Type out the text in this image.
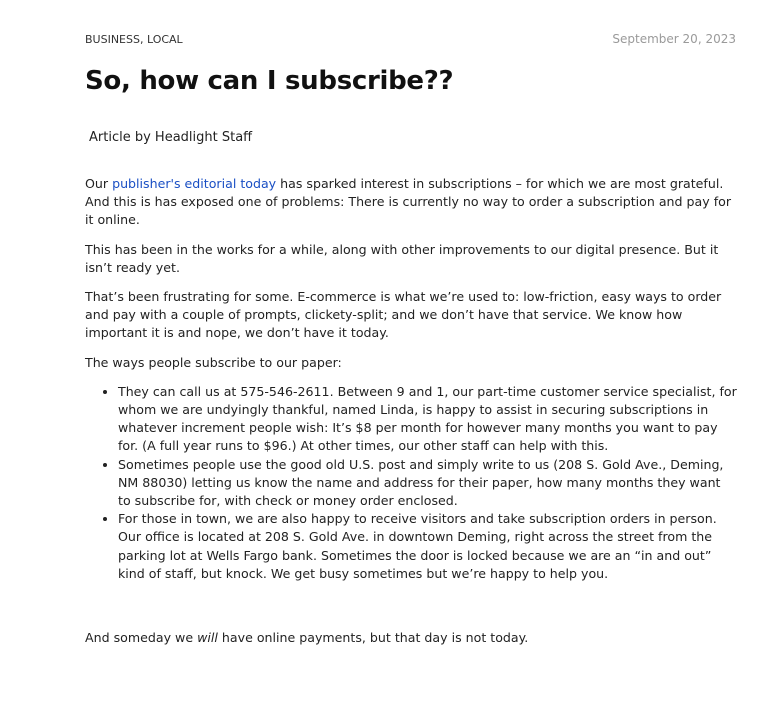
BUSINESS, LOCAL	September 20, 2023
So, how can I subscribe??
Article by Headlight Staff

Our publisher's editorial today has sparked interest in subscriptions – for which we are most grateful. And this is has exposed one of problems: There is currently no way to order a subscription and pay for it online.

This has been in the works for a while, along with other improvements to our digital presence. But it isn’t ready yet.

That’s been frustrating for some. E-commerce is what we’re used to: low-friction, easy ways to order and pay with a couple of prompts, clickety-split; and we don’t have that service. We know how important it is and nope, we don’t have it today.

The ways people subscribe to our paper:

• They can call us at 575-546-2611. Between 9 and 1, our part-time customer service specialist, for whom we are undyingly thankful, named Linda, is happy to assist in securing subscriptions in whatever increment people wish: It’s $8 per month for however many months you want to pay for. (A full year runs to $96.) At other times, our other staff can help with this.
• Sometimes people use the good old U.S. post and simply write to us (208 S. Gold Ave., Deming, NM 88030) letting us know the name and address for their paper, how many months they want to subscribe for, with check or money order enclosed.
• For those in town, we are also happy to receive visitors and take subscription orders in person. Our office is located at 208 S. Gold Ave. in downtown Deming, right across the street from the parking lot at Wells Fargo bank. Sometimes the door is locked because we are an “in and out” kind of staff, but knock. We get busy sometimes but we’re happy to help you.
And someday we will have online payments, but that day is not today.
